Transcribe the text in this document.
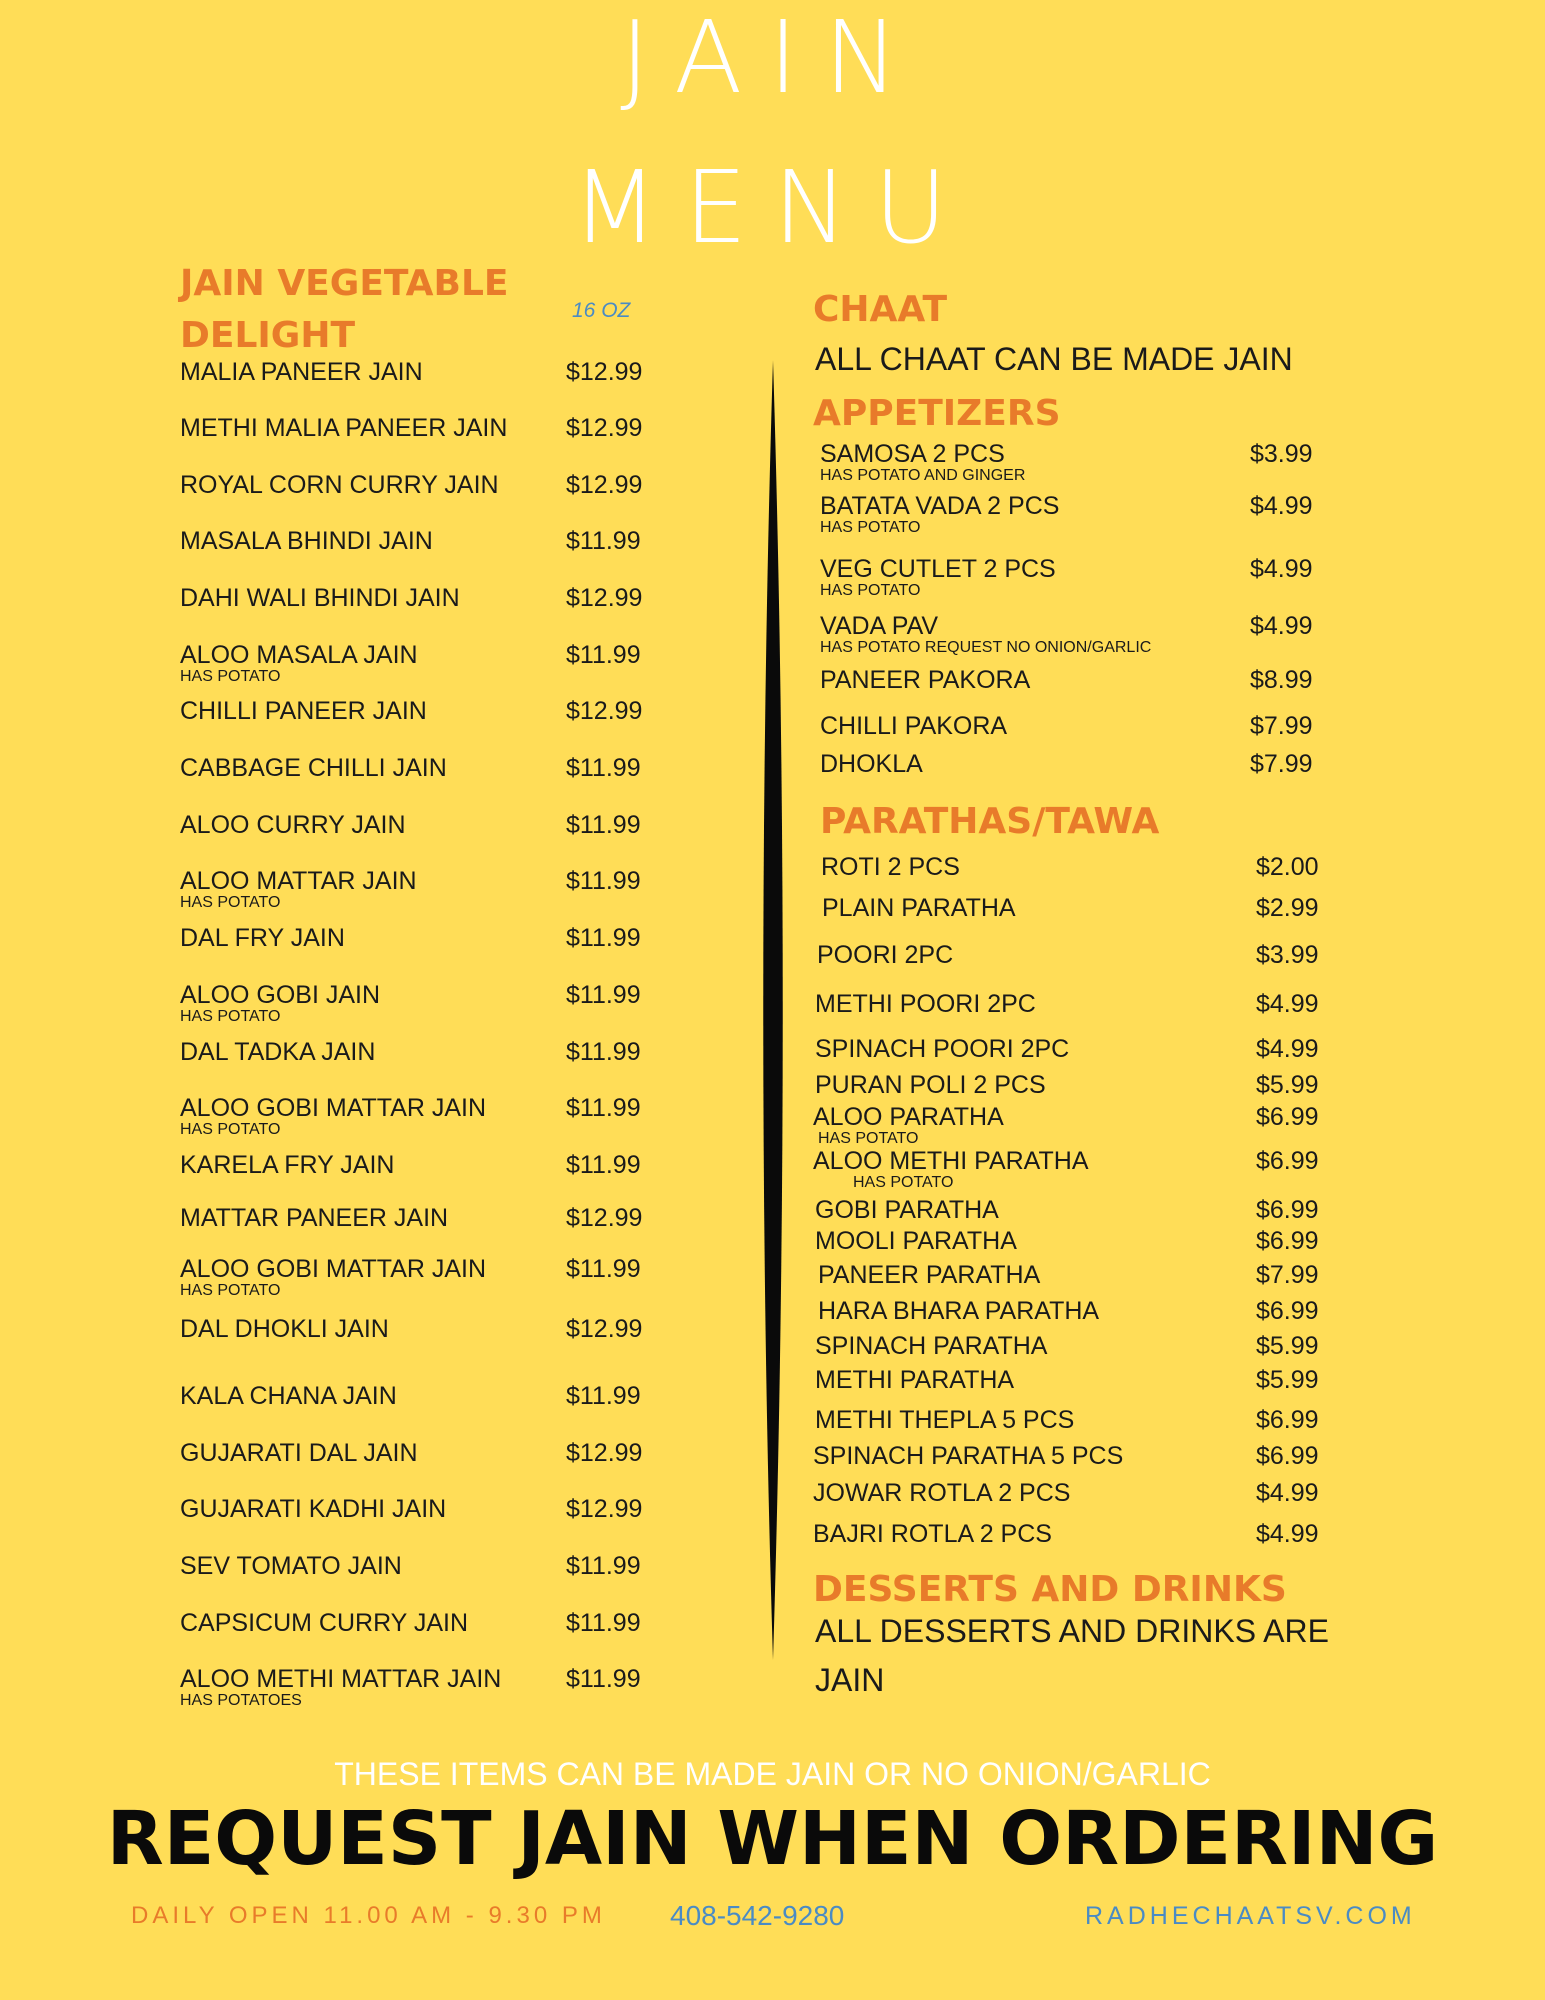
JAIN
MENU
JAIN VEGETABLE
DELIGHT
16 OZ
MALIA PANEER JAIN	$12.99
METHI MALIA PANEER JAIN $12.99
ROYAL CORN CURRY JAIN	$12.99
MASALA BHINDI JAIN	$11.99
DAHI WALI BHINDI JAIN	$12.99
ALOO MASALA JAIN	$11.99
HAS POTATO
CHILLI PANEER JAIN	$12.99
CABBAGE CHILLI JAIN	$11.99
ALOO CURRY JAIN	$11.99
ALOO MATTAR JAIN	$11.99
HAS POTATO
DAL FRY JAIN	$11.99
ALOO GOBI JAIN	$11.99
HAS POTATO
DAL TADKA JAIN	$11.99
ALOO GOBI MATTAR JAIN	$11.99
HAS POTATO
KARELA FRY JAIN	$11.99
MATTAR PANEER JAIN	$12.99
ALOO GOBI MATTAR JAIN	$11.99
HAS POTATO
DAL DHOKLI JAIN	$12.99
KALA CHANA JAIN	$11.99
GUJARATI DAL JAIN	$12.99
GUJARATI KADHI JAIN	$12.99
SEV TOMATO JAIN	$11.99
CAPSICUM CURRY JAIN	$11.99
ALOO METHI MATTAR JAIN	$11.99
HAS POTATOES
CHAAT
ALL CHAAT CAN BE MADE JAIN
APPETIZERS
SAMOSA 2 PCS	$3.99
HAS POTATO AND GINGER
BATATA VADA 2 PCS	$4.99
HAS POTATO
VEG CUTLET 2 PCS	$4.99
HAS POTATO
VADA PAV	$4.99
HAS POTATO REQUEST NO ONION/GARLIC
PANEER PAKORA	$8.99
CHILLI PAKORA	$7.99
DHOKLA	$7.99
PARATHAS/TAWA
ROTI 2 PCS	$2.00
PLAIN PARATHA	$2.99
POORI 2PC	$3.99
METHI POORI 2PC	$4.99
SPINACH POORI 2PC	$4.99
PURAN POLI 2 PCS	$5.99
ALOO PARATHA	$6.99
HAS POTATO
ALOO METHI PARATHA	$6.99
HAS POTATO
GOBI PARATHA	$6.99
MOOLI PARATHA	$6.99
PANEER PARATHA	$7.99
HARA BHARA PARATHA	$6.99
SPINACH PARATHA	$5.99
METHI PARATHA	$5.99
METHI THEPLA 5 PCS	$6.99
SPINACH PARATHA 5 PCS	$6.99
JOWAR ROTLA 2 PCS	$4.99
BAJRI ROTLA 2 PCS	$4.99
DESSERTS AND DRINKS
ALL DESSERTS AND DRINKS ARE
JAIN
THESE ITEMS CAN BE MADE JAIN OR NO ONION/GARLIC
REQUEST JAIN WHEN ORDERING
DAILY OPEN 11.00 AM - 9.30 PM 408-542-9280	RADHECHAATSV.COM
